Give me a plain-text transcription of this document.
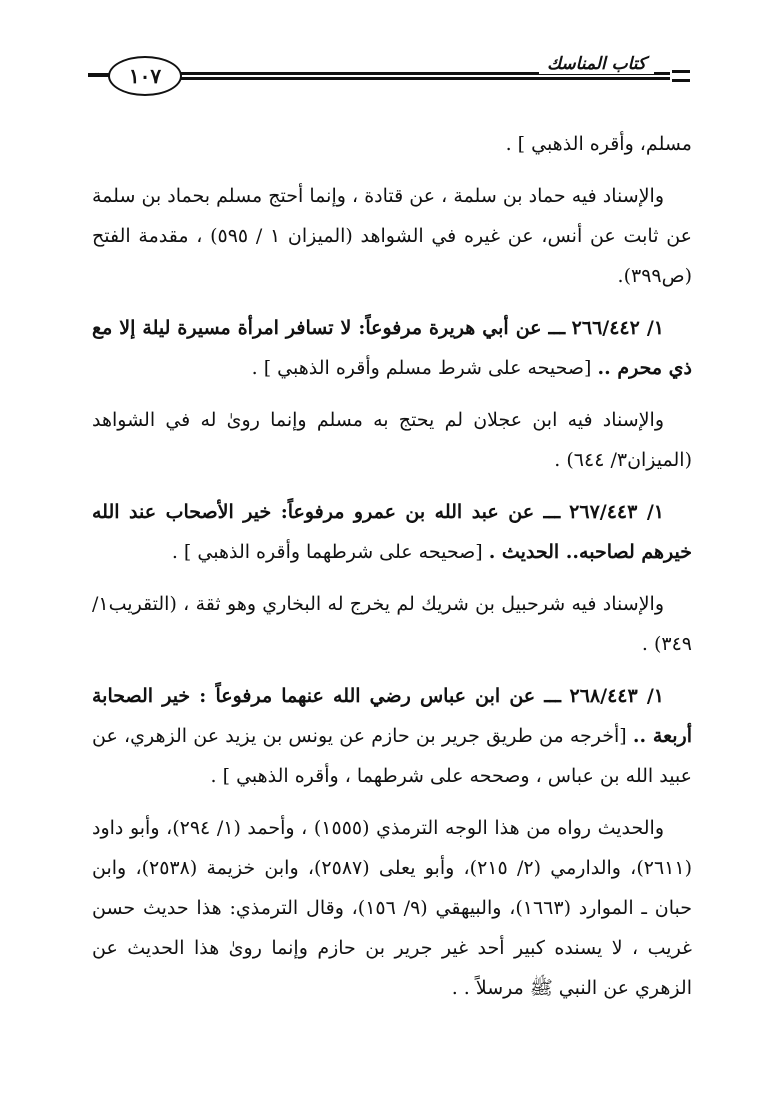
كتاب المناسك
١٠٧

مسلم، وأقره الذهبي ] .

والإسناد فيه حماد بن سلمة ، عن قتادة ، وإنما أحتج مسلم بحماد بن سلمة عن ثابت عن أنس، عن غيره في الشواهد (الميزان ١ / ٥٩٥) ، مقدمة الفتح (ص٣٩٩).

١/ ٢٦٦/٤٤٢ ـــ عن أبي هريرة مرفوعاً: لا تسافر امرأة مسيرة ليلة إلا مع ذي محرم .. [صحيحه على شرط مسلم وأقره الذهبي ] .

والإسناد فيه ابن عجلان لم يحتج به مسلم وإنما روىٰ له في الشواهد (الميزان٣/ ٦٤٤) .

١/ ٢٦٧/٤٤٣ ـــ عن عبد الله بن عمرو مرفوعاً: خير الأصحاب عند الله خيرهم لصاحبه.. الحديث . [صحيحه على شرطهما وأقره الذهبي ] .

والإسناد فيه شرحبيل بن شريك لم يخرج له البخاري وهو ثقة ، (التقريب١/ ٣٤٩) .

١/ ٢٦٨/٤٤٣ ـــ عن ابن عباس رضي الله عنهما مرفوعاً : خير الصحابة أربعة .. [أخرجه من طريق جرير بن حازم عن يونس بن يزيد عن الزهري، عن عبيد الله بن عباس ، وصححه على شرطهما ، وأقره الذهبي ] .

والحديث رواه من هذا الوجه الترمذي (١٥٥٥) ، وأحمد (١/ ٢٩٤)، وأبو داود (٢٦١١)، والدارمي (٢/ ٢١٥)، وأبو يعلى (٢٥٨٧)، وابن خزيمة (٢٥٣٨)، وابن حبان ـ الموارد (١٦٦٣)، والبيهقي (٩/ ١٥٦)، وقال الترمذي: هذا حديث حسن غريب ، لا يسنده كبير أحد غير جرير بن حازم وإنما روىٰ هذا الحديث عن الزهري عن النبي ﷺ مرسلاً . .
